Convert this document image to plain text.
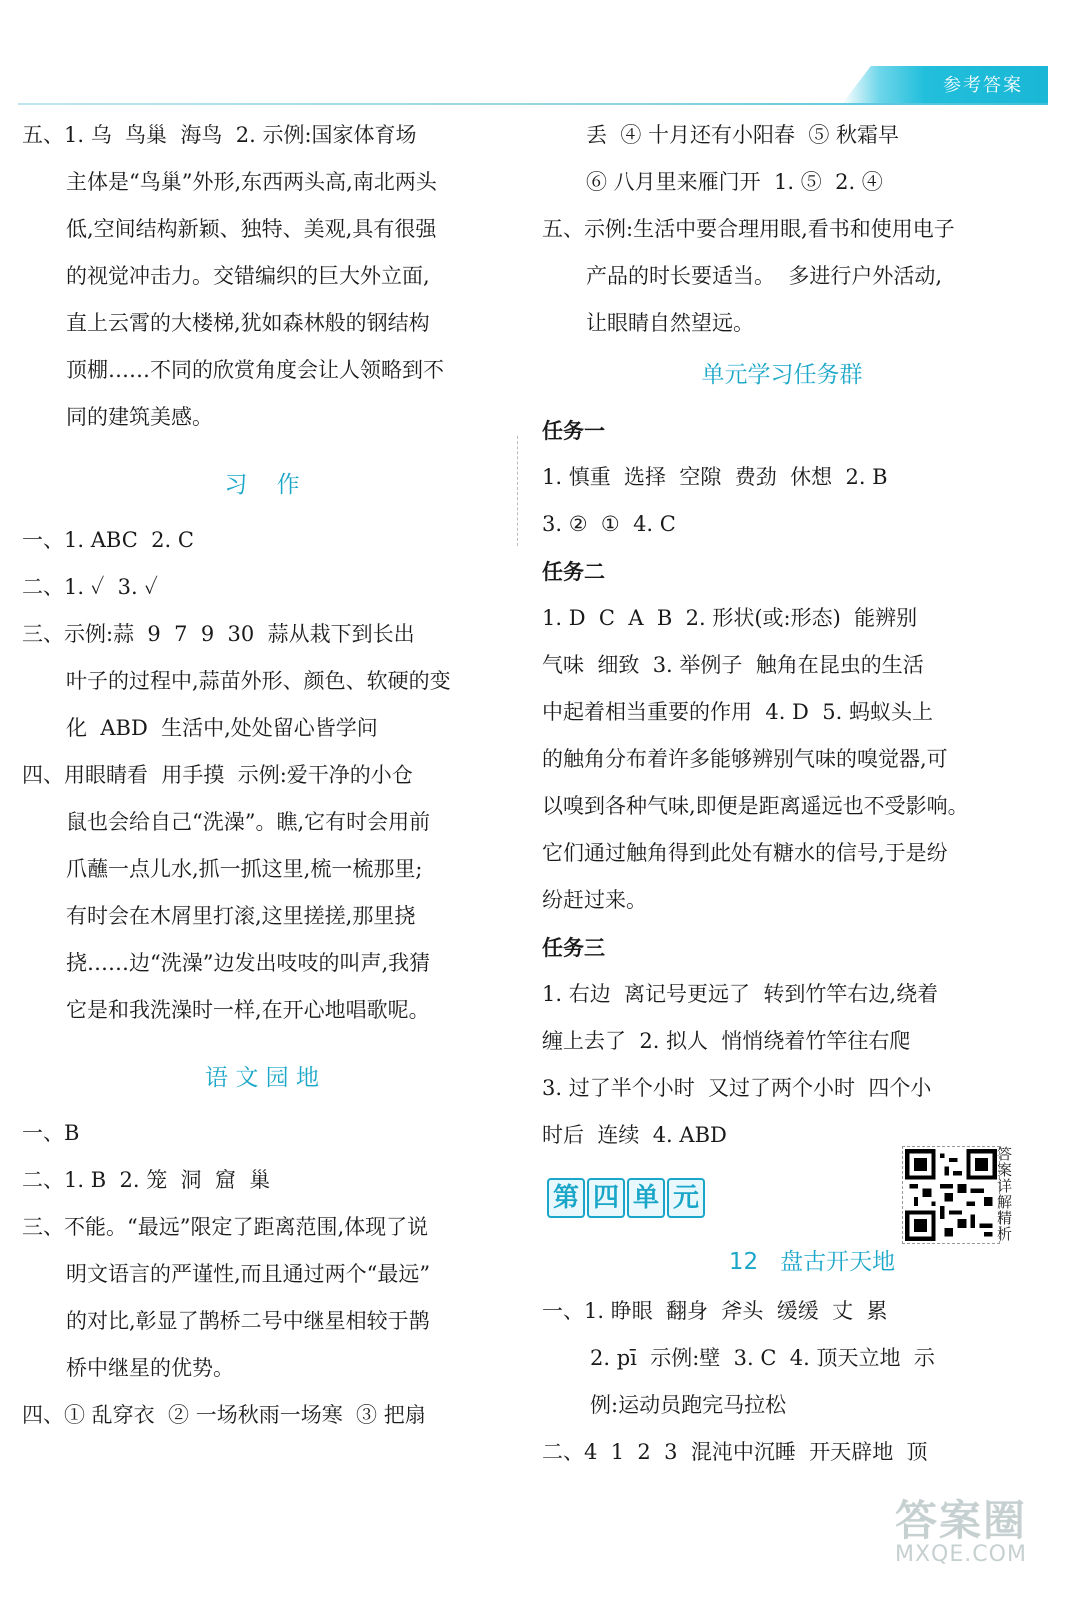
参考答案
五、1. 乌  鸟巢  海鸟  2. 示例:国家体育场
主体是“鸟巢”外形,东西两头高,南北两头
低,空间结构新颖、独特、美观,具有很强
的视觉冲击力。交错编织的巨大外立面,
直上云霄的大楼梯,犹如森林般的钢结构
顶棚……不同的欣赏角度会让人领略到不
同的建筑美感。
习    作
一、1. ABC  2. C
二、1. ✓  3. ✓
三、示例:蒜  9  7  9  30  蒜从栽下到长出
叶子的过程中,蒜苗外形、颜色、软硬的变
化  ABD  生活中,处处留心皆学问
四、用眼睛看  用手摸  示例:爱干净的小仓
鼠也会给自己“洗澡”。瞧,它有时会用前
爪蘸一点儿水,抓一抓这里,梳一梳那里;
有时会在木屑里打滚,这里搓搓,那里挠
挠……边“洗澡”边发出吱吱的叫声,我猜
它是和我洗澡时一样,在开心地唱歌呢。
语 文 园 地
一、B
二、1. B  2. 笼  洞  窟  巢
三、不能。“最远”限定了距离范围,体现了说
明文语言的严谨性,而且通过两个“最远”
的对比,彰显了鹊桥二号中继星相较于鹊
桥中继星的优势。
四、① 乱穿衣  ② 一场秋雨一场寒  ③ 把扇
丢  ④ 十月还有小阳春  ⑤ 秋霜早
⑥ 八月里来雁门开  1. ⑤  2. ④
五、示例:生活中要合理用眼,看书和使用电子
产品的时长要适当。  多进行户外活动,
让眼睛自然望远。
单元学习任务群
任务一
1. 慎重  选择  空隙  费劲  休想  2. B
3. ②  ①  4. C
任务二
1. D  C  A  B  2. 形状(或:形态)  能辨别
气味  细致  3. 举例子  触角在昆虫的生活
中起着相当重要的作用  4. D  5. 蚂蚁头上
的触角分布着许多能够辨别气味的嗅觉器,可
以嗅到各种气味,即便是距离遥远也不受影响。
它们通过触角得到此处有糖水的信号,于是纷
纷赶过来。
任务三
1. 右边  离记号更远了  转到竹竿右边,绕着
缠上去了  2. 拟人  悄悄绕着竹竿往右爬
3. 过了半个小时  又过了两个小时  四个小
时后  连续  4. ABD
第 四 单 元
答案详解精析
12   盘古开天地
一、1. 睁眼  翻身  斧头  缓缓  丈  累
2. pī  示例:壁  3. C  4. 顶天立地  示
例:运动员跑完马拉松
二、4  1  2  3  混沌中沉睡  开天辟地  顶
答案圈
MXQE.COM
